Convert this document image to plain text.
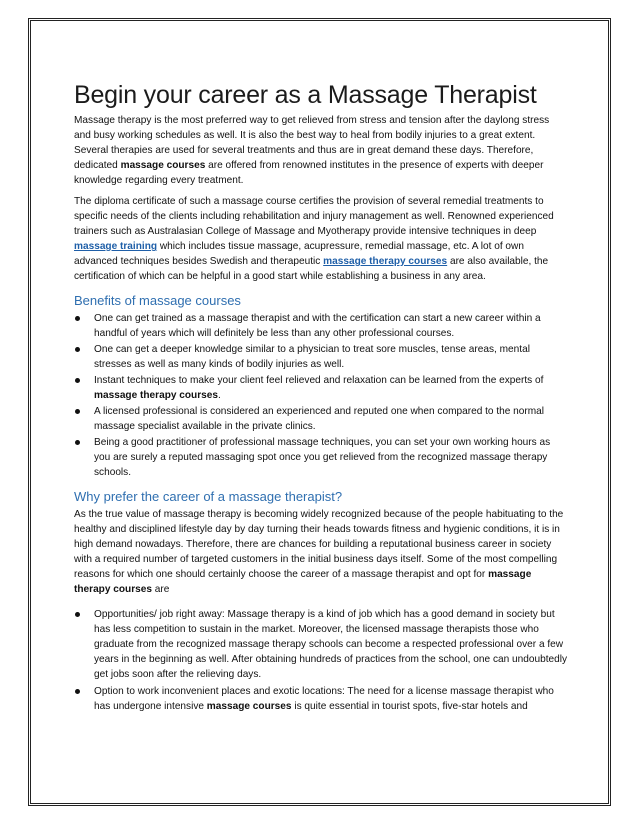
Begin your career as a Massage Therapist

Massage therapy is the most preferred way to get relieved from stress and tension after the daylong stress and busy working schedules as well. It is also the best way to heal from bodily injuries to a great extent. Several therapies are used for several treatments and thus are in great demand these days. Therefore, dedicated massage courses are offered from renowned institutes in the presence of experts with deeper knowledge regarding every treatment.

The diploma certificate of such a massage course certifies the provision of several remedial treatments to specific needs of the clients including rehabilitation and injury management as well. Renowned experienced trainers such as Australasian College of Massage and Myotherapy provide intensive techniques in deep massage training which includes tissue massage, acupressure, remedial massage, etc. A lot of own advanced techniques besides Swedish and therapeutic massage therapy courses are also available, the certification of which can be helpful in a good start while establishing a business in any area.

Benefits of massage courses
One can get trained as a massage therapist and with the certification can start a new career within a handful of years which will definitely be less than any other professional courses.
One can get a deeper knowledge similar to a physician to treat sore muscles, tense areas, mental stresses as well as many kinds of bodily injuries as well.
Instant techniques to make your client feel relieved and relaxation can be learned from the experts of massage therapy courses.
A licensed professional is considered an experienced and reputed one when compared to the normal massage specialist available in the private clinics.
Being a good practitioner of professional massage techniques, you can set your own working hours as you are surely a reputed massaging spot once you get relieved from the recognized massage therapy schools.
Why prefer the career of a massage therapist?

As the true value of massage therapy is becoming widely recognized because of the people habituating to the healthy and disciplined lifestyle day by day turning their heads towards fitness and hygienic conditions, it is in high demand nowadays. Therefore, there are chances for building a reputational business career in society with a required number of targeted customers in the initial business days itself. Some of the most compelling reasons for which one should certainly choose the career of a massage therapist and opt for massage therapy courses are

Opportunities/ job right away: Massage therapy is a kind of job which has a good demand in society but has less competition to sustain in the market. Moreover, the licensed massage therapists those who graduate from the recognized massage therapy schools can become a respected professional over a few years in the beginning as well. After obtaining hundreds of practices from the school, one can undoubtedly get jobs soon after the relieving days.
Option to work inconvenient places and exotic locations: The need for a license massage therapist who has undergone intensive massage courses is quite essential in tourist spots, five-star hotels and
